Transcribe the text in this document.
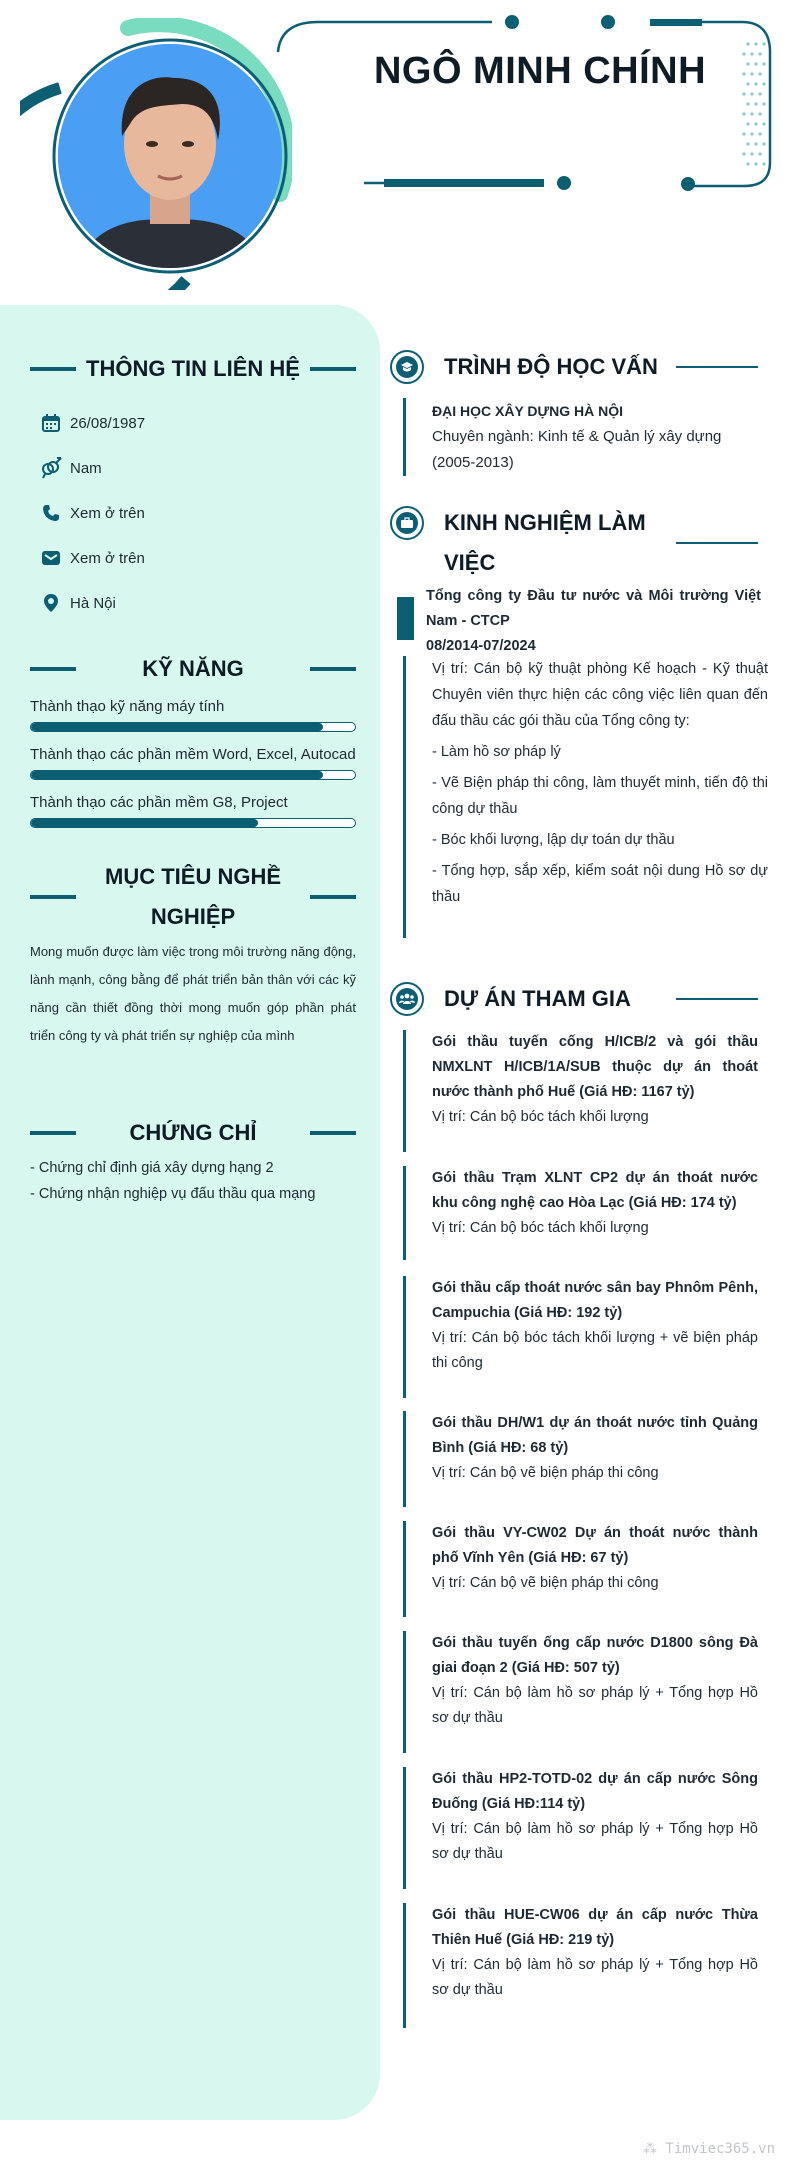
NGÔ MINH CHÍNH
THÔNG TIN LIÊN HỆ
26/08/1987
Nam
Xem ở trên
Xem ở trên
Hà Nội
KỸ NĂNG
Thành thạo kỹ năng máy tính
Thành thạo các phần mềm Word, Excel, Autocad
Thành thạo các phần mềm G8, Project
MỤC TIÊU NGHỀ
NGHIỆP
Mong muốn được làm việc trong môi trường năng động, lành mạnh, công bằng để phát triển bản thân với các kỹ năng cần thiết đồng thời mong muốn góp phần phát triển công ty và phát triển sự nghiệp của mình
CHỨNG CHỈ
- Chứng chỉ định giá xây dựng hạng 2
- Chứng nhận nghiệp vụ đấu thầu qua mạng
TRÌNH ĐỘ HỌC VẤN
ĐẠI HỌC XÂY DỰNG HÀ NỘI
Chuyên ngành: Kinh tế & Quản lý xây dựng
(2005-2013)
KINH NGHIỆM LÀM
VIỆC
Tổng công ty Đầu tư nước và Môi trường Việt Nam - CTCP
08/2014-07/2024

Vị trí: Cán bộ kỹ thuật phòng Kế hoạch - Kỹ thuật Chuyên viên thực hiện các công việc liên quan đến đấu thầu các gói thầu của Tổng công ty:

- Làm hồ sơ pháp lý

- Vẽ Biện pháp thi công, làm thuyết minh, tiến độ thi công dự thầu

- Bóc khối lượng, lập dự toán dự thầu

- Tổng hợp, sắp xếp, kiểm soát nội dung Hồ sơ dự thầu

DỰ ÁN THAM GIA
Gói thầu tuyến cống H/ICB/2 và gói thầu NMXLNT H/ICB/1A/SUB thuộc dự án thoát nước thành phố Huế (Giá HĐ: 1167 tỷ)
Vị trí: Cán bộ bóc tách khối lượng
Gói thầu Trạm XLNT CP2 dự án thoát nước khu công nghệ cao Hòa Lạc (Giá HĐ: 174 tỷ)
Vị trí: Cán bộ bóc tách khối lượng
Gói thầu cấp thoát nước sân bay Phnôm Pênh, Campuchia (Giá HĐ: 192 tỷ)
Vị trí: Cán bộ bóc tách khối lượng + vẽ biện pháp thi công
Gói thầu DH/W1 dự án thoát nước tỉnh Quảng Bình (Giá HĐ: 68 tỷ)
Vị trí: Cán bộ vẽ biện pháp thi công
Gói thầu VY-CW02 Dự án thoát nước thành phố Vĩnh Yên (Giá HĐ: 67 tỷ)
Vị trí: Cán bộ vẽ biện pháp thi công
Gói thầu tuyến ống cấp nước D1800 sông Đà giai đoạn 2 (Giá HĐ: 507 tỷ)
Vị trí: Cán bộ làm hồ sơ pháp lý + Tổng hợp Hồ sơ dự thầu
Gói thầu HP2-TOTD-02 dự án cấp nước Sông Đuống (Giá HĐ:114 tỷ)
Vị trí: Cán bộ làm hồ sơ pháp lý + Tổng hợp Hồ sơ dự thầu
Gói thầu HUE-CW06 dự án cấp nước Thừa Thiên Huế (Giá HĐ: 219 tỷ)
Vị trí: Cán bộ làm hồ sơ pháp lý + Tổng hợp Hồ sơ dự thầu
⁂ Timviec365.vn
